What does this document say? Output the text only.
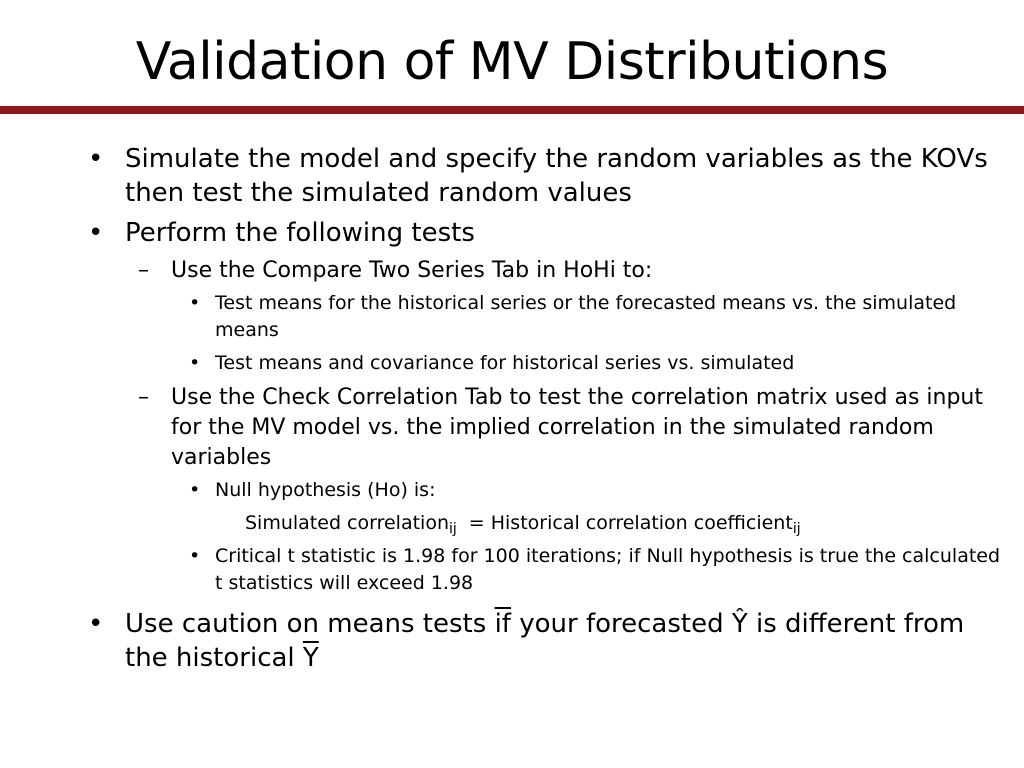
Validation of MV Distributions
• Simulate the model and specify the random variables as the KOVs then test the simulated random values
• Perform the following tests
– Use the Compare Two Series Tab in HoHi to:
• Test means for the historical series or the forecasted means vs. the simulated means
• Test means and covariance for historical series vs. simulated
– Use the Check Correlation Tab to test the correlation matrix used as input for the MV model vs. the implied correlation in the simulated random variables
• Null hypothesis (Ho) is:
Simulated correlation$_{ij}$ = Historical correlation coefficient$_{ij}$
• Critical t statistic is 1.98 for 100 iterations; if Null hypothesis is true the calculated t statistics will exceed 1.98
• Use caution on means tests $\overline{if}$ your forecasted Ŷ is different from the historical $\overline{Y}$
